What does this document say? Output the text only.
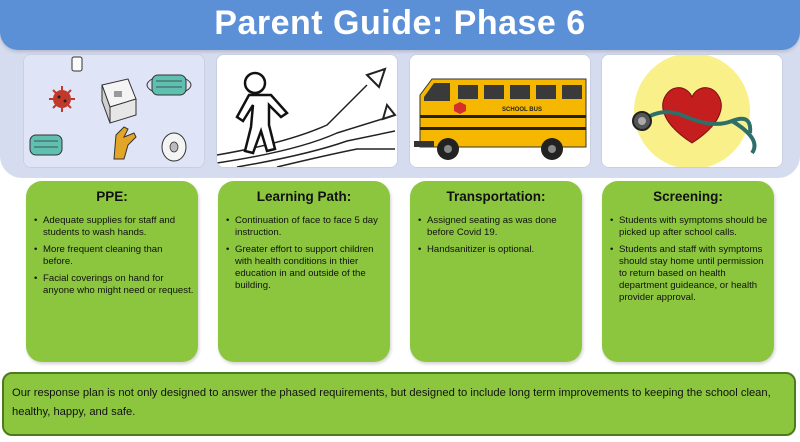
Parent Guide: Phase 6
SCHOOL BUS
PPE:
• Adequate supplies for staff and students to wash hands.
• More frequent cleaning than before.
• Facial coverings on hand for anyone who might need or request.
Learning Path:
• Continuation of face to face 5 day instruction.
• Greater effort to support children with health conditions in thier education in and outside of the building.
Transportation:
• Assigned seating as was done before Covid 19.
• Handsanitizer is optional.
Screening:
• Students with symptoms should be picked up after school calls.
• Students and staff with symptoms should stay home until permission to return based on health department guideance, or health provider approval.

Our response plan is not only designed to answer the phased requirements, but designed to include long term improvements to keeping the school clean, healthy, happy, and safe.
